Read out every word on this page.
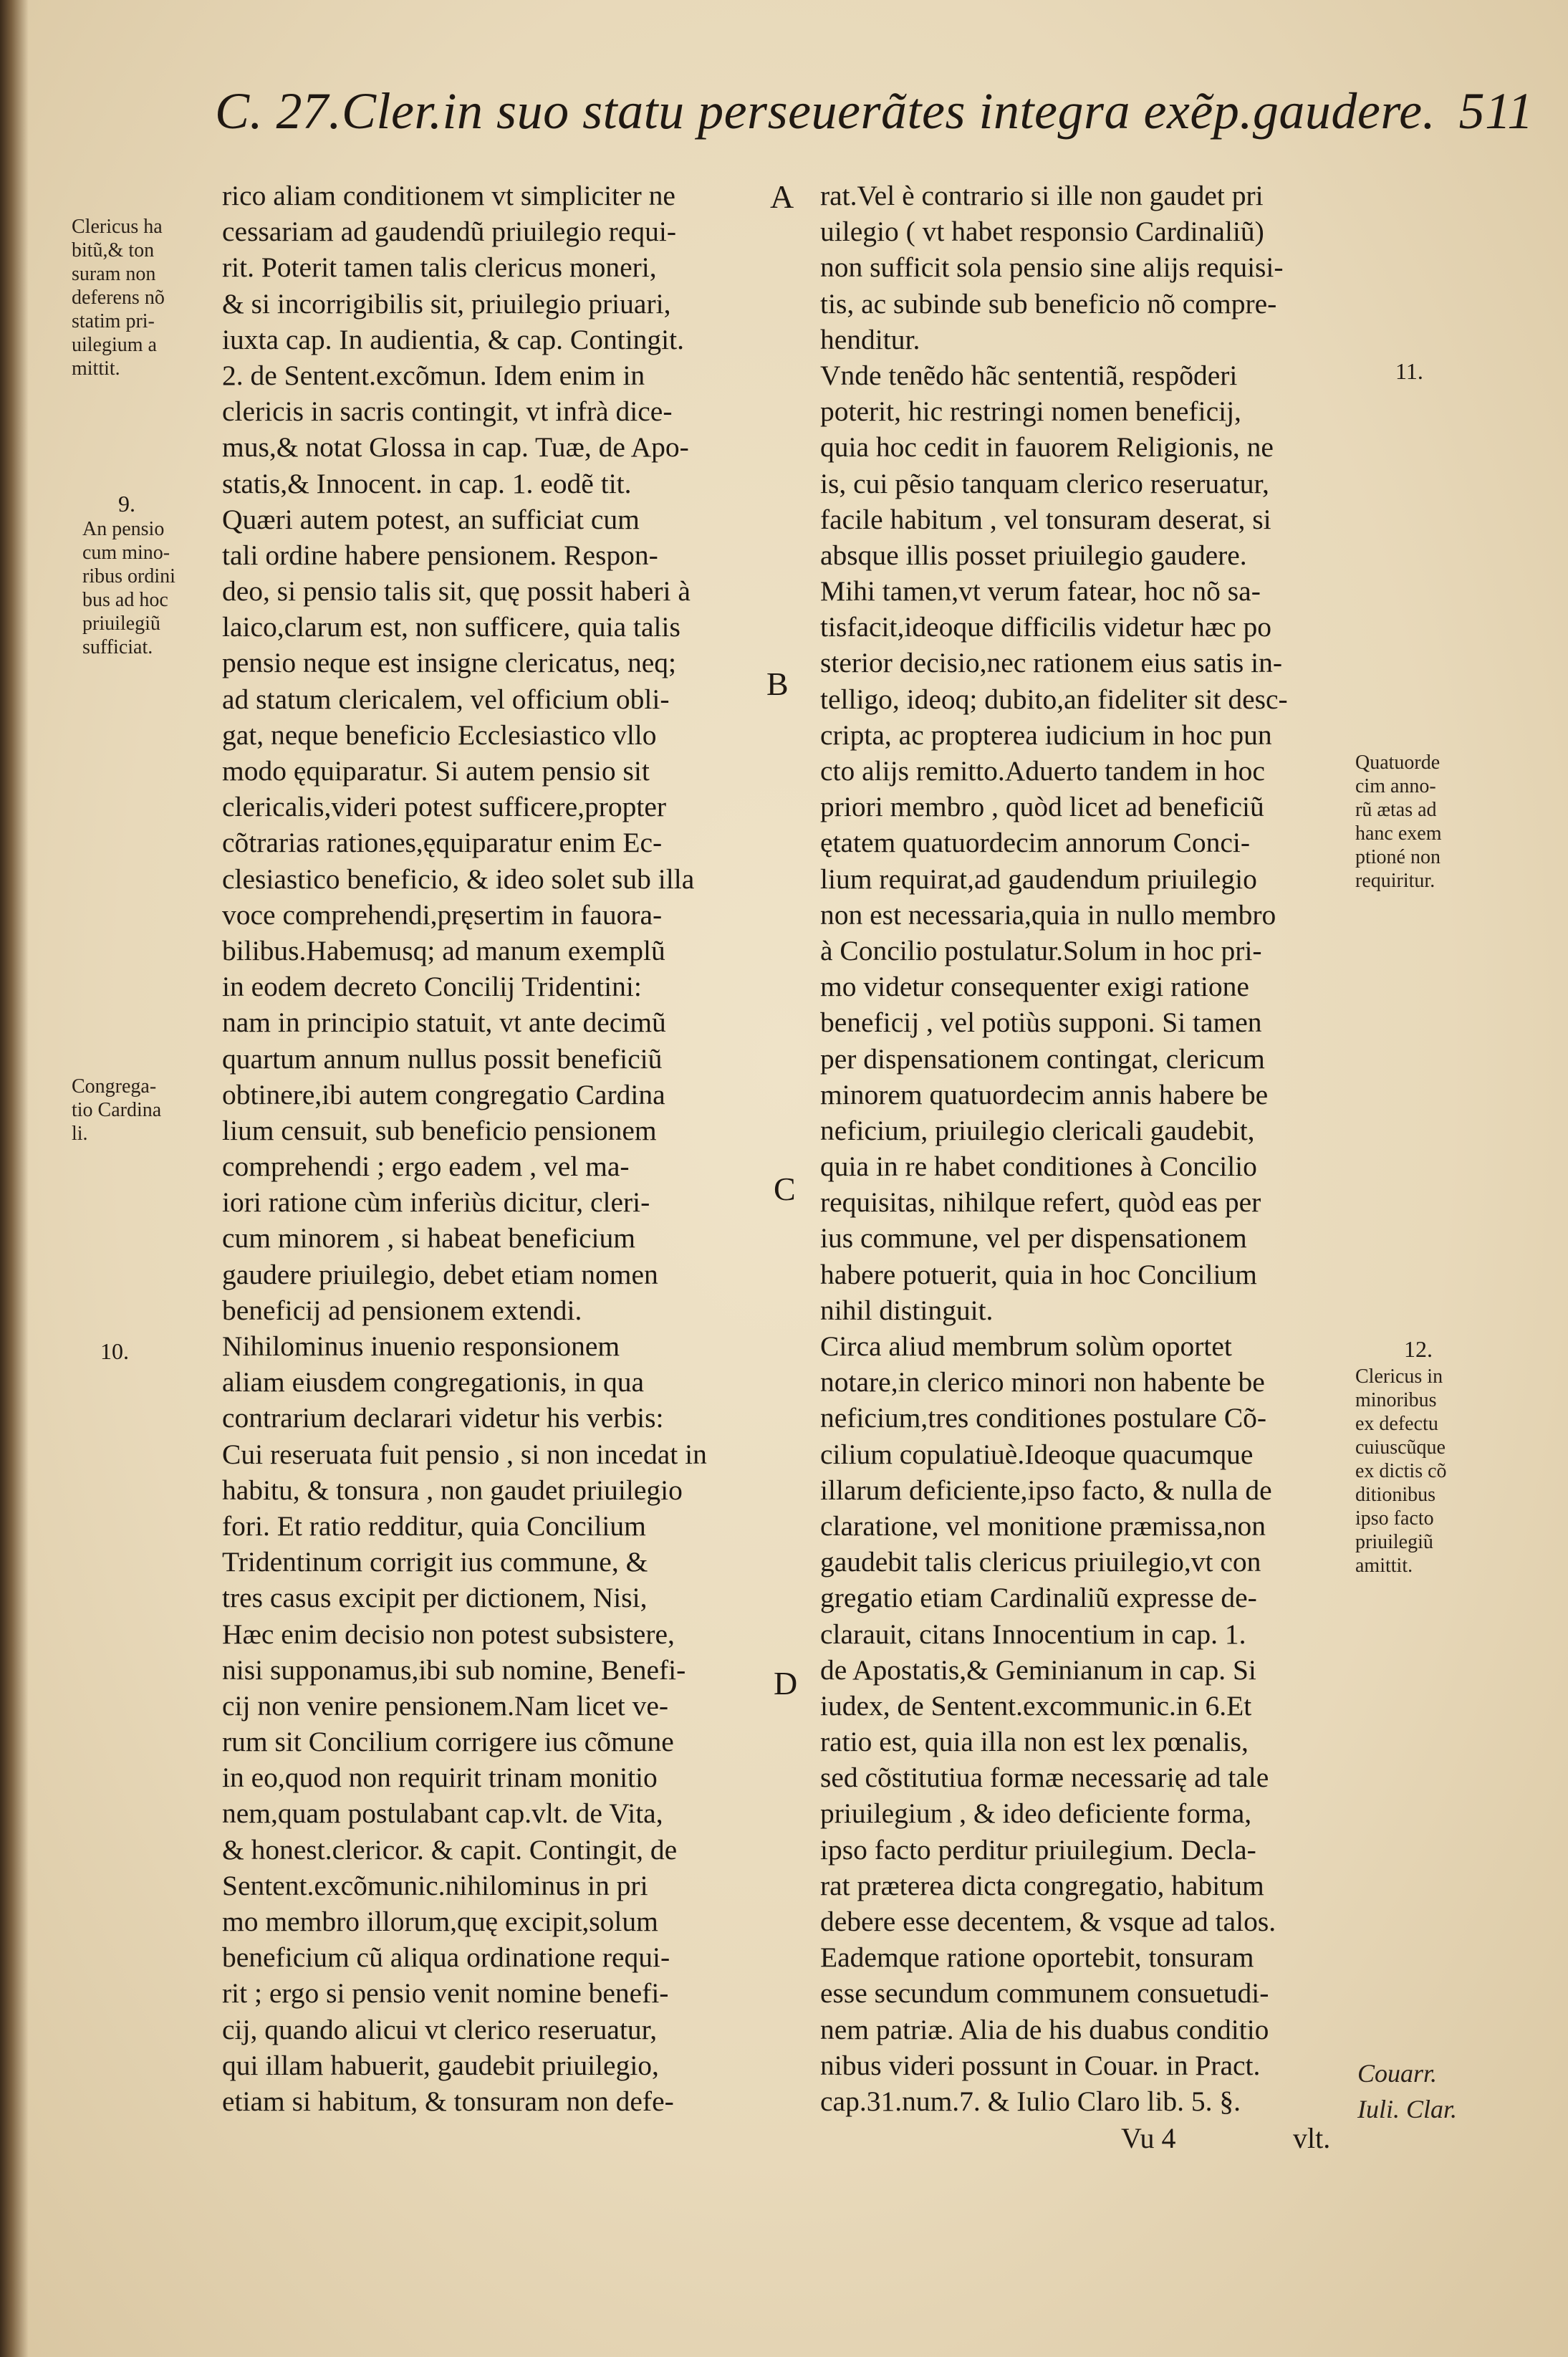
C. 27.Cler.in suo statu perseuerãtes integra exẽp.gaudere. 511
Clericus ha
bitũ,& ton
suram non
deferens nõ
statim pri-
uilegium a
mittit.
9.
An pensio
cum mino-
ribus ordini
bus ad hoc
priuilegiũ
sufficiat.
Congrega-
tio Cardina
li.
10.
A
B
C
D
rico aliam conditionem vt simpliciter ne
cessariam ad gaudendũ priuilegio requi-
rit. Poterit tamen talis clericus moneri,
& si incorrigibilis sit, priuilegio priuari,
iuxta cap. In audientia, & cap. Contingit.
2. de Sentent.excõmun. Idem enim in
clericis in sacris contingit, vt infrà dice-
mus,& notat Glossa in cap. Tuæ, de Apo-
statis,& Innocent. in cap. 1. eodẽ tit.
Quæri autem potest, an sufficiat cum
tali ordine habere pensionem. Respon-
deo, si pensio talis sit, quę possit haberi à
laico,clarum est, non sufficere, quia talis
pensio neque est insigne clericatus, neq;
ad statum clericalem, vel officium obli-
gat, neque beneficio Ecclesiastico vllo
modo ęquiparatur. Si autem pensio sit
clericalis,videri potest sufficere,propter
cõtrarias rationes,ęquiparatur enim Ec-
clesiastico beneficio, & ideo solet sub illa
voce comprehendi,pręsertim in fauora-
bilibus.Habemusq; ad manum exemplũ
in eodem decreto Concilij Tridentini:
nam in principio statuit, vt ante decimũ
quartum annum nullus possit beneficiũ
obtinere,ibi autem congregatio Cardina
lium censuit, sub beneficio pensionem
comprehendi ; ergo eadem , vel ma-
iori ratione cùm inferiùs dicitur, cleri-
cum minorem , si habeat beneficium
gaudere priuilegio, debet etiam nomen
beneficij ad pensionem extendi.
Nihilominus inuenio responsionem
aliam eiusdem congregationis, in qua
contrarium declarari videtur his verbis:
Cui reseruata fuit pensio , si non incedat in
habitu, & tonsura , non gaudet priuilegio
fori. Et ratio redditur, quia Concilium
Tridentinum corrigit ius commune, &
tres casus excipit per dictionem, Nisi,
Hæc enim decisio non potest subsistere,
nisi supponamus,ibi sub nomine, Benefi-
cij non venire pensionem.Nam licet ve-
rum sit Concilium corrigere ius cõmune
in eo,quod non requirit trinam monitio
nem,quam postulabant cap.vlt. de Vita,
& honest.clericor. & capit. Contingit, de
Sentent.excõmunic.nihilominus in pri
mo membro illorum,quę excipit,solum
beneficium cũ aliqua ordinatione requi-
rit ; ergo si pensio venit nomine benefi-
cij, quando alicui vt clerico reseruatur,
qui illam habuerit, gaudebit priuilegio,
etiam si habitum, & tonsuram non defe-
rat.Vel è contrario si ille non gaudet pri
uilegio ( vt habet responsio Cardinaliũ)
non sufficit sola pensio sine alijs requisi-
tis, ac subinde sub beneficio nõ compre-
henditur.
Vnde tenẽdo hãc sententiã, respõderi
poterit, hic restringi nomen beneficij,
quia hoc cedit in fauorem Religionis, ne
is, cui pẽsio tanquam clerico reseruatur,
facile habitum , vel tonsuram deserat, si
absque illis posset priuilegio gaudere.
Mihi tamen,vt verum fatear, hoc nõ sa-
tisfacit,ideoque difficilis videtur hæc po
sterior decisio,nec rationem eius satis in-
telligo, ideoq; dubito,an fideliter sit desc-
cripta, ac propterea iudicium in hoc pun
cto alijs remitto.Aduerto tandem in hoc
priori membro , quòd licet ad beneficiũ
ętatem quatuordecim annorum Conci-
lium requirat,ad gaudendum priuilegio
non est necessaria,quia in nullo membro
à Concilio postulatur.Solum in hoc pri-
mo videtur consequenter exigi ratione
beneficij , vel potiùs supponi. Si tamen
per dispensationem contingat, clericum
minorem quatuordecim annis habere be
neficium, priuilegio clericali gaudebit,
quia in re habet conditiones à Concilio
requisitas, nihilque refert, quòd eas per
ius commune, vel per dispensationem
habere potuerit, quia in hoc Concilium
nihil distinguit.
Circa aliud membrum solùm oportet
notare,in clerico minori non habente be
neficium,tres conditiones postulare Cõ-
cilium copulatiuè.Ideoque quacumque
illarum deficiente,ipso facto, & nulla de
claratione, vel monitione præmissa,non
gaudebit talis clericus priuilegio,vt con
gregatio etiam Cardinaliũ expresse de-
clarauit, citans Innocentium in cap. 1.
de Apostatis,& Geminianum in cap. Si
iudex, de Sentent.excommunic.in 6.Et
ratio est, quia illa non est lex pœnalis,
sed cõstitutiua formæ necessarię ad tale
priuilegium , & ideo deficiente forma,
ipso facto perditur priuilegium. Decla-
rat præterea dicta congregatio, habitum
debere esse decentem, & vsque ad talos.
Eademque ratione oportebit, tonsuram
esse secundum communem consuetudi-
nem patriæ. Alia de his duabus conditio
nibus videri possunt in Couar. in Pract.
cap.31.num.7. & Iulio Claro lib. 5. §.
11.
Quatuorde
cim anno-
rũ ætas ad
hanc exem
ptioné non
requiritur.
12.
Clericus in
minoribus
ex defectu
cuiuscũque
ex dictis cõ
ditionibus
ipso facto
priuilegiũ
amittit.
Couarr.
Iuli. Clar.
Vu 4	vlt.
